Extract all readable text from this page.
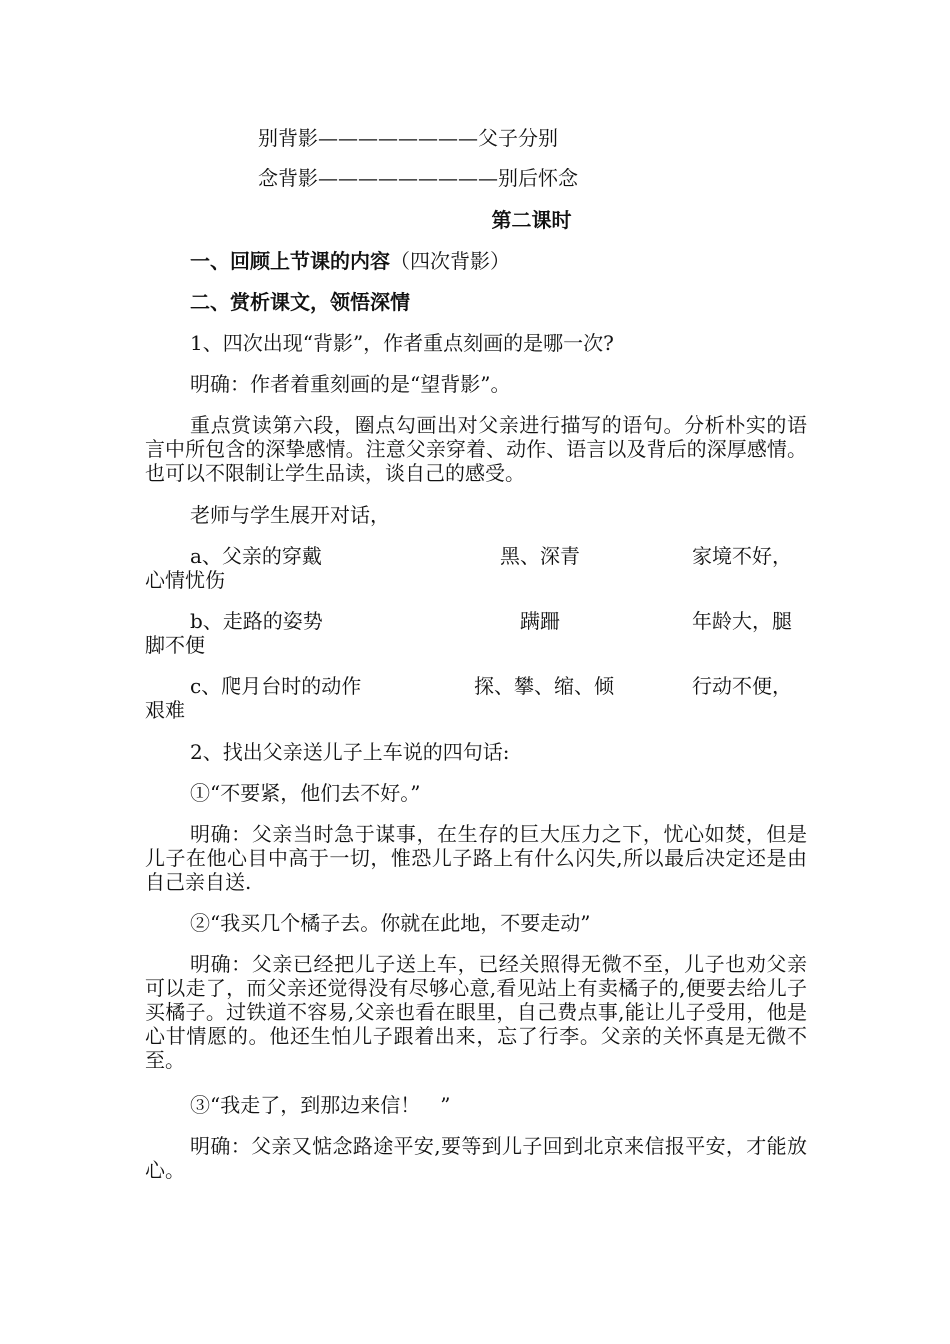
别背影————————父子分别
念背影—————————别后怀念
第二课时
一、回顾上节课的内容（四次背影）
二、赏析课文，领悟深情
1、四次出现“背影”，作者重点刻画的是哪一次?
明确：作者着重刻画的是“望背影”。
重点赏读第六段，圈点勾画出对父亲进行描写的语句。分析朴实的语言中所包含的深挚感情。注意父亲穿着、动作、语言以及背后的深厚感情。也可以不限制让学生品读，谈自己的感受。
老师与学生展开对话，
a、父亲的穿戴	黑、深青	家境不好，
心情忧伤
b、走路的姿势	蹒跚	年龄大，腿
脚不便
c、爬月台时的动作	探、攀、缩、倾	行动不便，
艰难
2、找出父亲送儿子上车说的四句话:
①“不要紧，他们去不好。”
明确：父亲当时急于谋事，在生存的巨大压力之下，忧心如焚，但是儿子在他心目中高于一切，惟恐儿子路上有什么闪失,所以最后决定还是由自己亲自送.
②“我买几个橘子去。你就在此地，不要走动”
明确：父亲已经把儿子送上车，已经关照得无微不至，儿子也劝父亲可以走了，而父亲还觉得没有尽够心意,看见站上有卖橘子的,便要去给儿子买橘子。过铁道不容易,父亲也看在眼里，自己费点事,能让儿子受用，他是心甘情愿的。他还生怕儿子跟着出来，忘了行李。父亲的关怀真是无微不至。
③“我走了，到那边来信！　”
明确：父亲又惦念路途平安,要等到儿子回到北京来信报平安，才能放心。
